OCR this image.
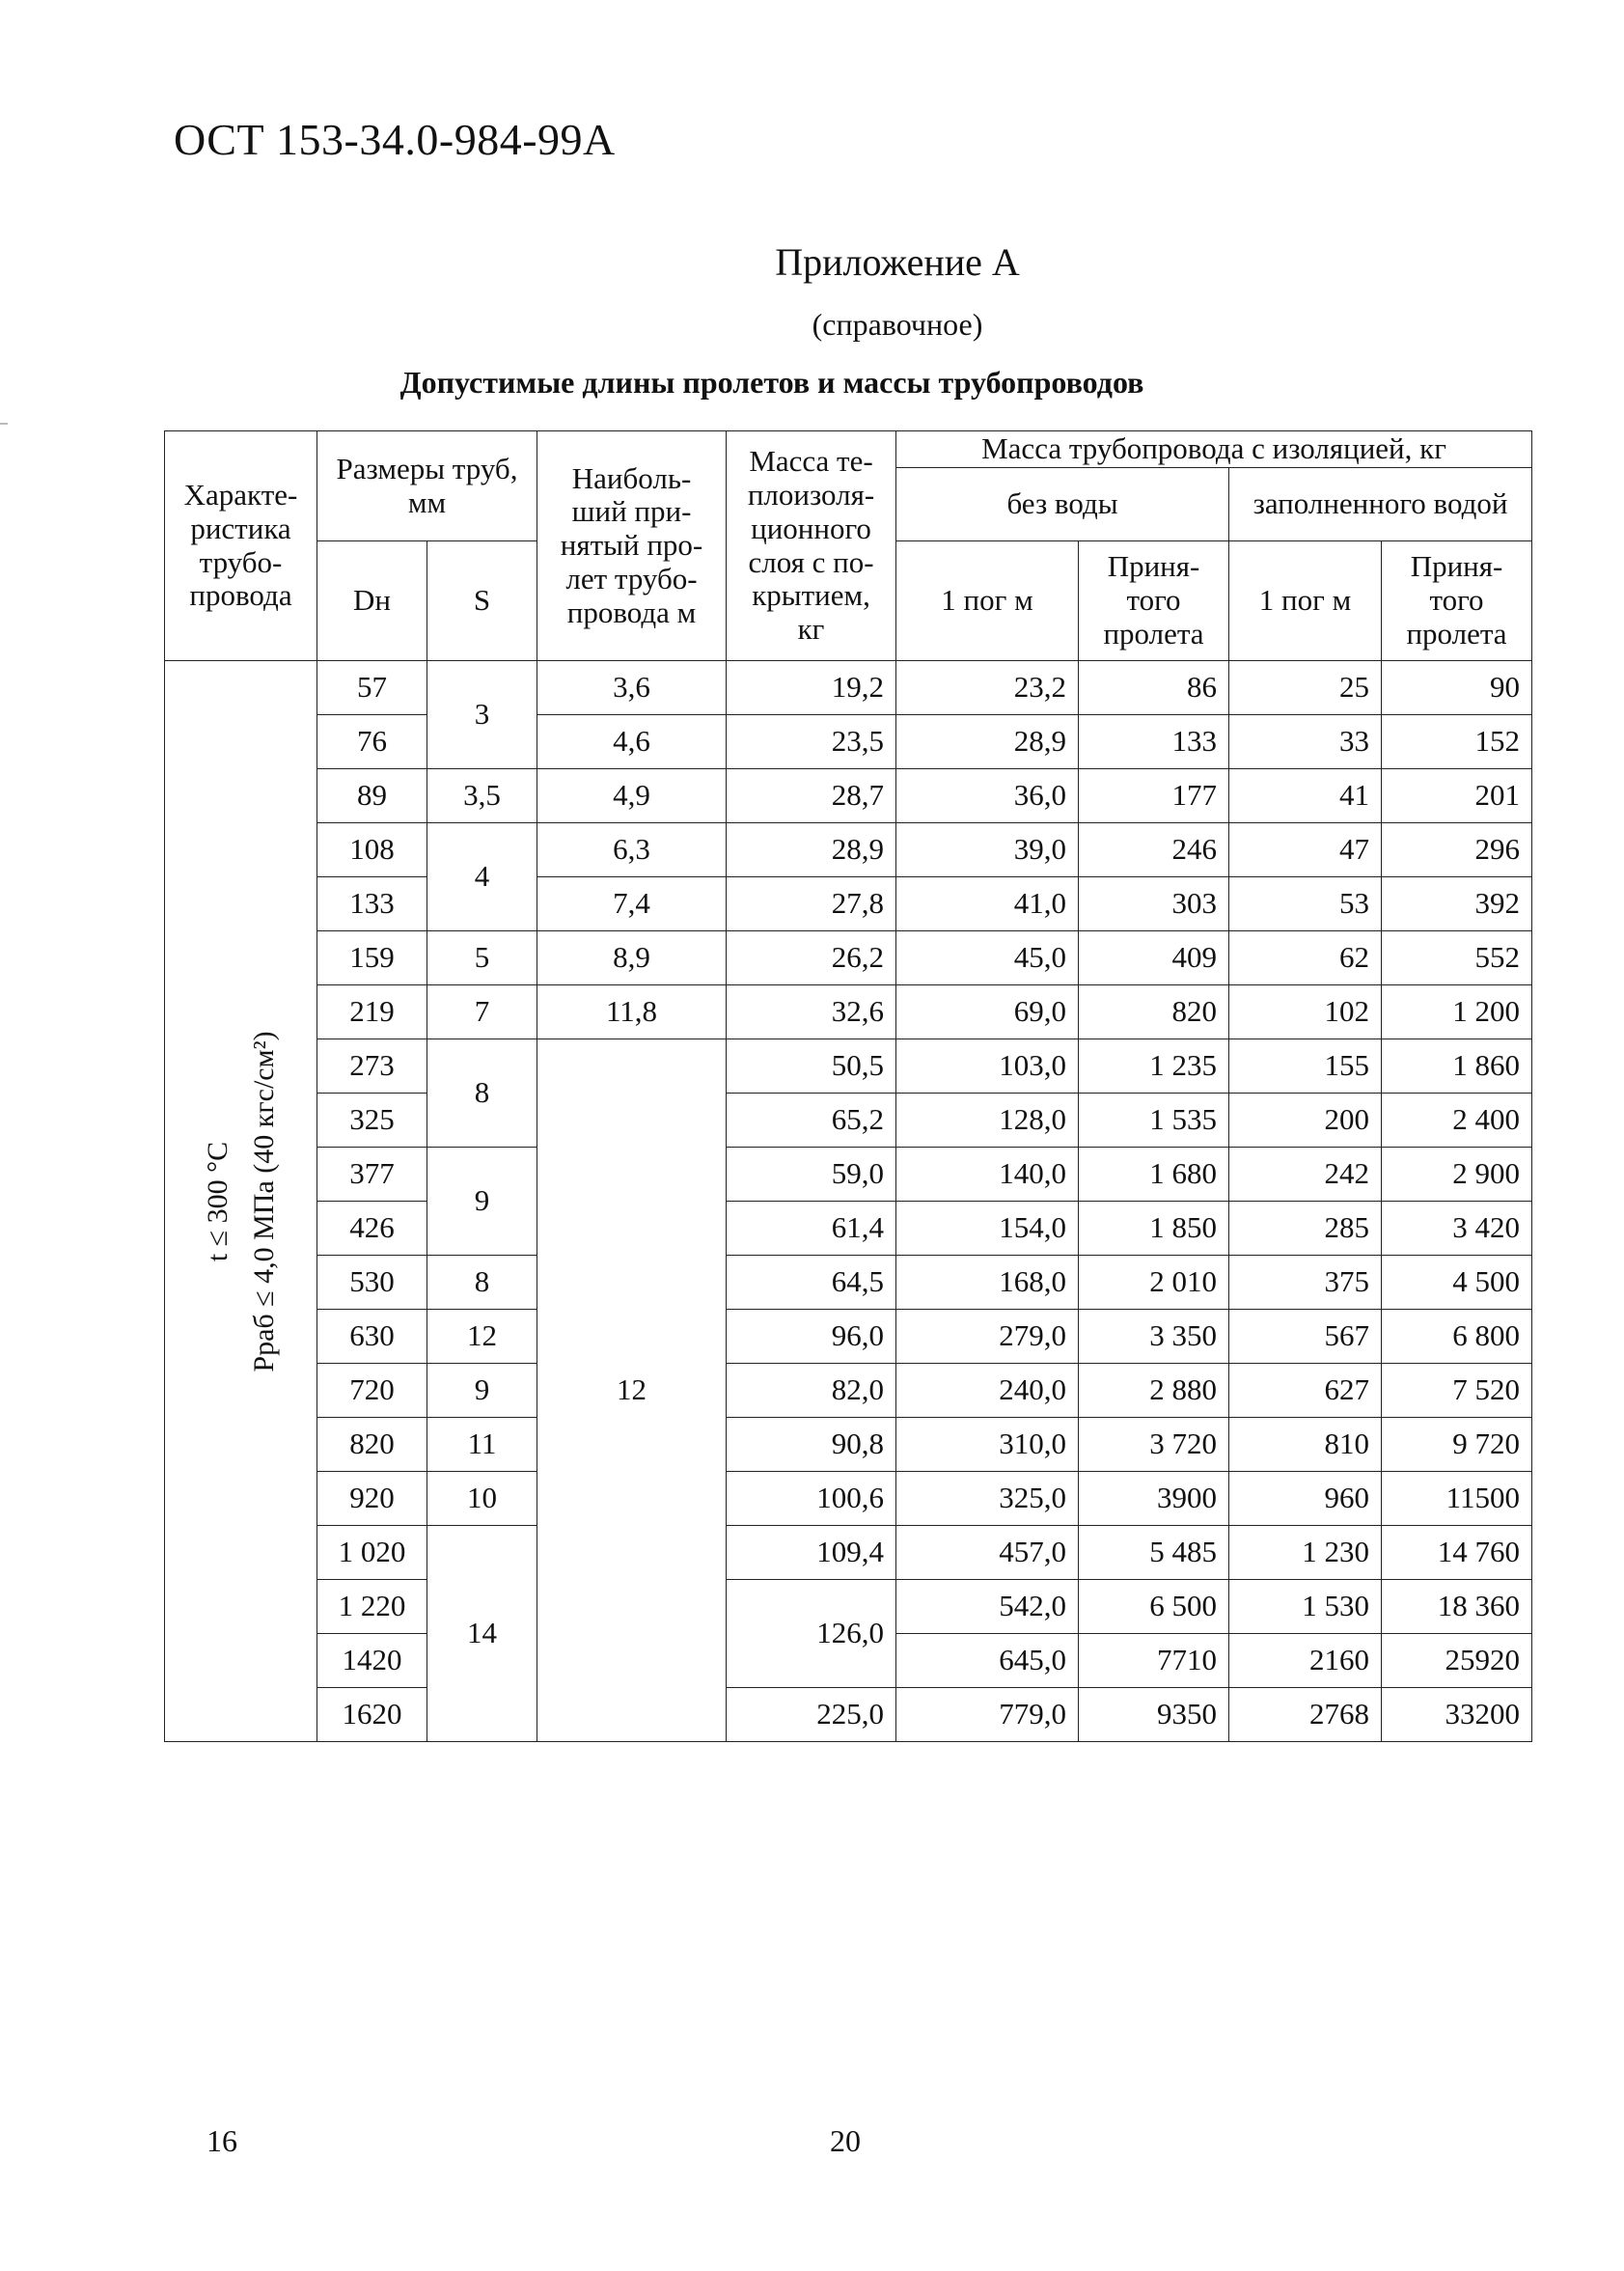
ОСТ 153-34.0-984-99А
Приложение А
(справочное)
Допустимые длины пролетов и массы трубопроводов
Характе-ристика трубо-провода	Размеры труб, мм		Наиболь-ший при-нятый про-лет трубо-провода м	Масса те-плоизоля-ционного слоя с по-крытием, кг	Масса трубопровода с изоляцией, кг			
					без воды		заполненного водой	
	Dн	S			1 пог м	Приня-того пролета	1 пог м	Приня-того пролета

t ≤ 300 °C Рраб ≤ 4,0 МПа (40 кгс/см²)	57	3	3,6	19,2	23,2	86	25	90
	76		4,6	23,5	28,9	133	33	152
	89	3,5	4,9	28,7	36,0	177	41	201
	108	4	6,3	28,9	39,0	246	47	296
	133		7,4	27,8	41,0	303	53	392
	159	5	8,9	26,2	45,0	409	62	552
	219	7	11,8	32,6	69,0	820	102	1 200
	273	8	12	50,5	103,0	1 235	155	1 860
	325			65,2	128,0	1 535	200	2 400
	377	9		59,0	140,0	1 680	242	2 900
	426			61,4	154,0	1 850	285	3 420
	530	8		64,5	168,0	2 010	375	4 500
	630	12		96,0	279,0	3 350	567	6 800
	720	9		82,0	240,0	2 880	627	7 520
	820	11		90,8	310,0	3 720	810	9 720
	920	10		100,6	325,0	3900	960	11500
	1 020	14		109,4	457,0	5 485	1 230	14 760
	1 220			126,0	542,0	6 500	1 530	18 360
	1420				645,0	7710	2160	25920
	1620			225,0	779,0	9350	2768	33200
16	20
